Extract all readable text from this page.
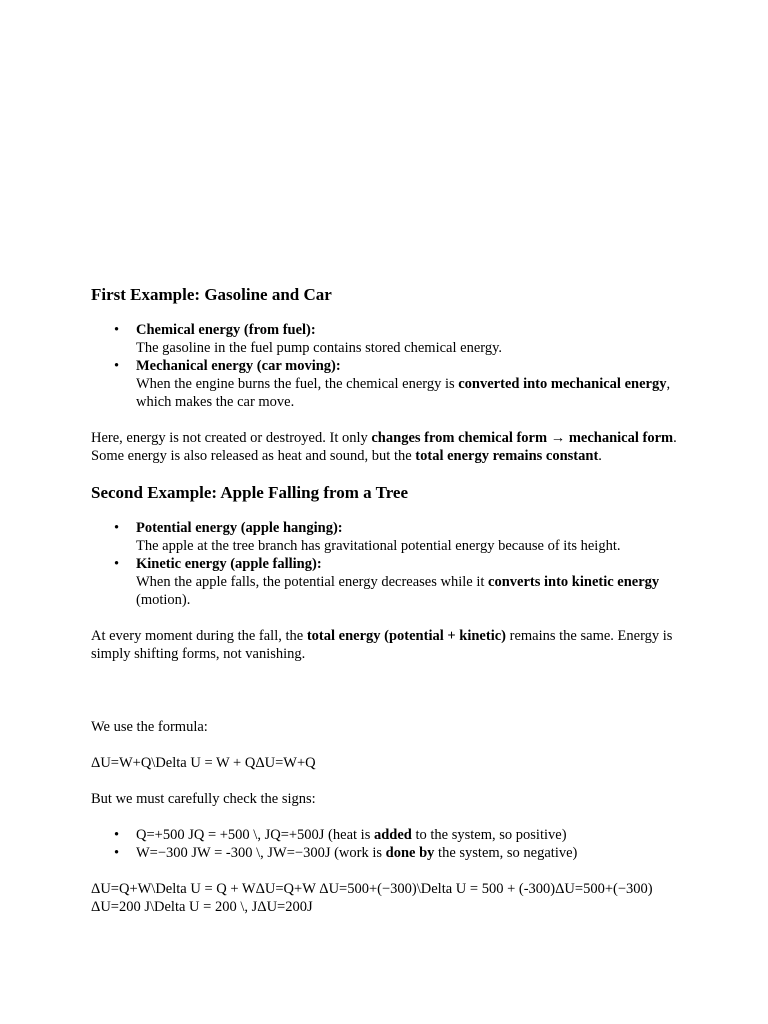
First Example: Gasoline and Car
• Chemical energy (from fuel):
The gasoline in the fuel pump contains stored chemical energy.
• Mechanical energy (car moving):
When the engine burns the fuel, the chemical energy is converted into mechanical energy, which makes the car move.

Here, energy is not created or destroyed. It only changes from chemical form → mechanical form. Some energy is also released as heat and sound, but the total energy remains constant.

Second Example: Apple Falling from a Tree
• Potential energy (apple hanging):
The apple at the tree branch has gravitational potential energy because of its height.
• Kinetic energy (apple falling):
When the apple falls, the potential energy decreases while it converts into kinetic energy (motion).

At every moment during the fall, the total energy (potential + kinetic) remains the same. Energy is simply shifting forms, not vanishing.

We use the formula:

ΔU=W+Q\Delta U = W + QΔU=W+Q

But we must carefully check the signs:

• Q=+500 JQ = +500 \, JQ=+500J (heat is added to the system, so positive)
• W=−300 JW = -300 \, JW=−300J (work is done by the system, so negative)

ΔU=Q+W\Delta U = Q + WΔU=Q+W ΔU=500+(−300)\Delta U = 500 + (-300)ΔU=500+(−300)
ΔU=200 J\Delta U = 200 \, JΔU=200J
